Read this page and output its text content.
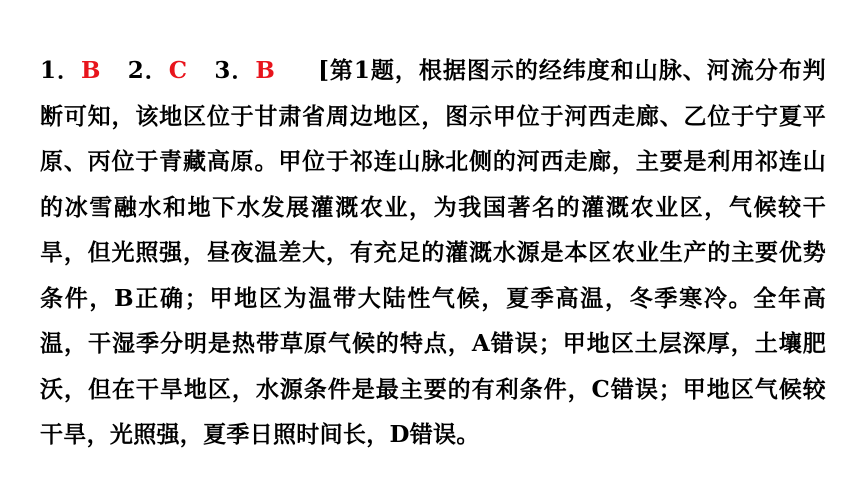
1．B 2．C 3．B [第1题，根据图示的经纬度和山脉、河流分布判断可知，该地区位于甘肃省周边地区，图示甲位于河西走廊、乙位于宁夏平原、丙位于青藏高原。甲位于祁连山脉北侧的河西走廊，主要是利用祁连山的冰雪融水和地下水发展灌溉农业，为我国著名的灌溉农业区，气候较干旱，但光照强，昼夜温差大，有充足的灌溉水源是本区农业生产的主要优势条件，B正确；甲地区为温带大陆性气候，夏季高温，冬季寒冷。全年高温，干湿季分明是热带草原气候的特点，A错误；甲地区土层深厚，土壤肥沃，但在干旱地区，水源条件是最主要的有利条件，C错误；甲地区气候较干旱，光照强，夏季日照时间长，D错误。
